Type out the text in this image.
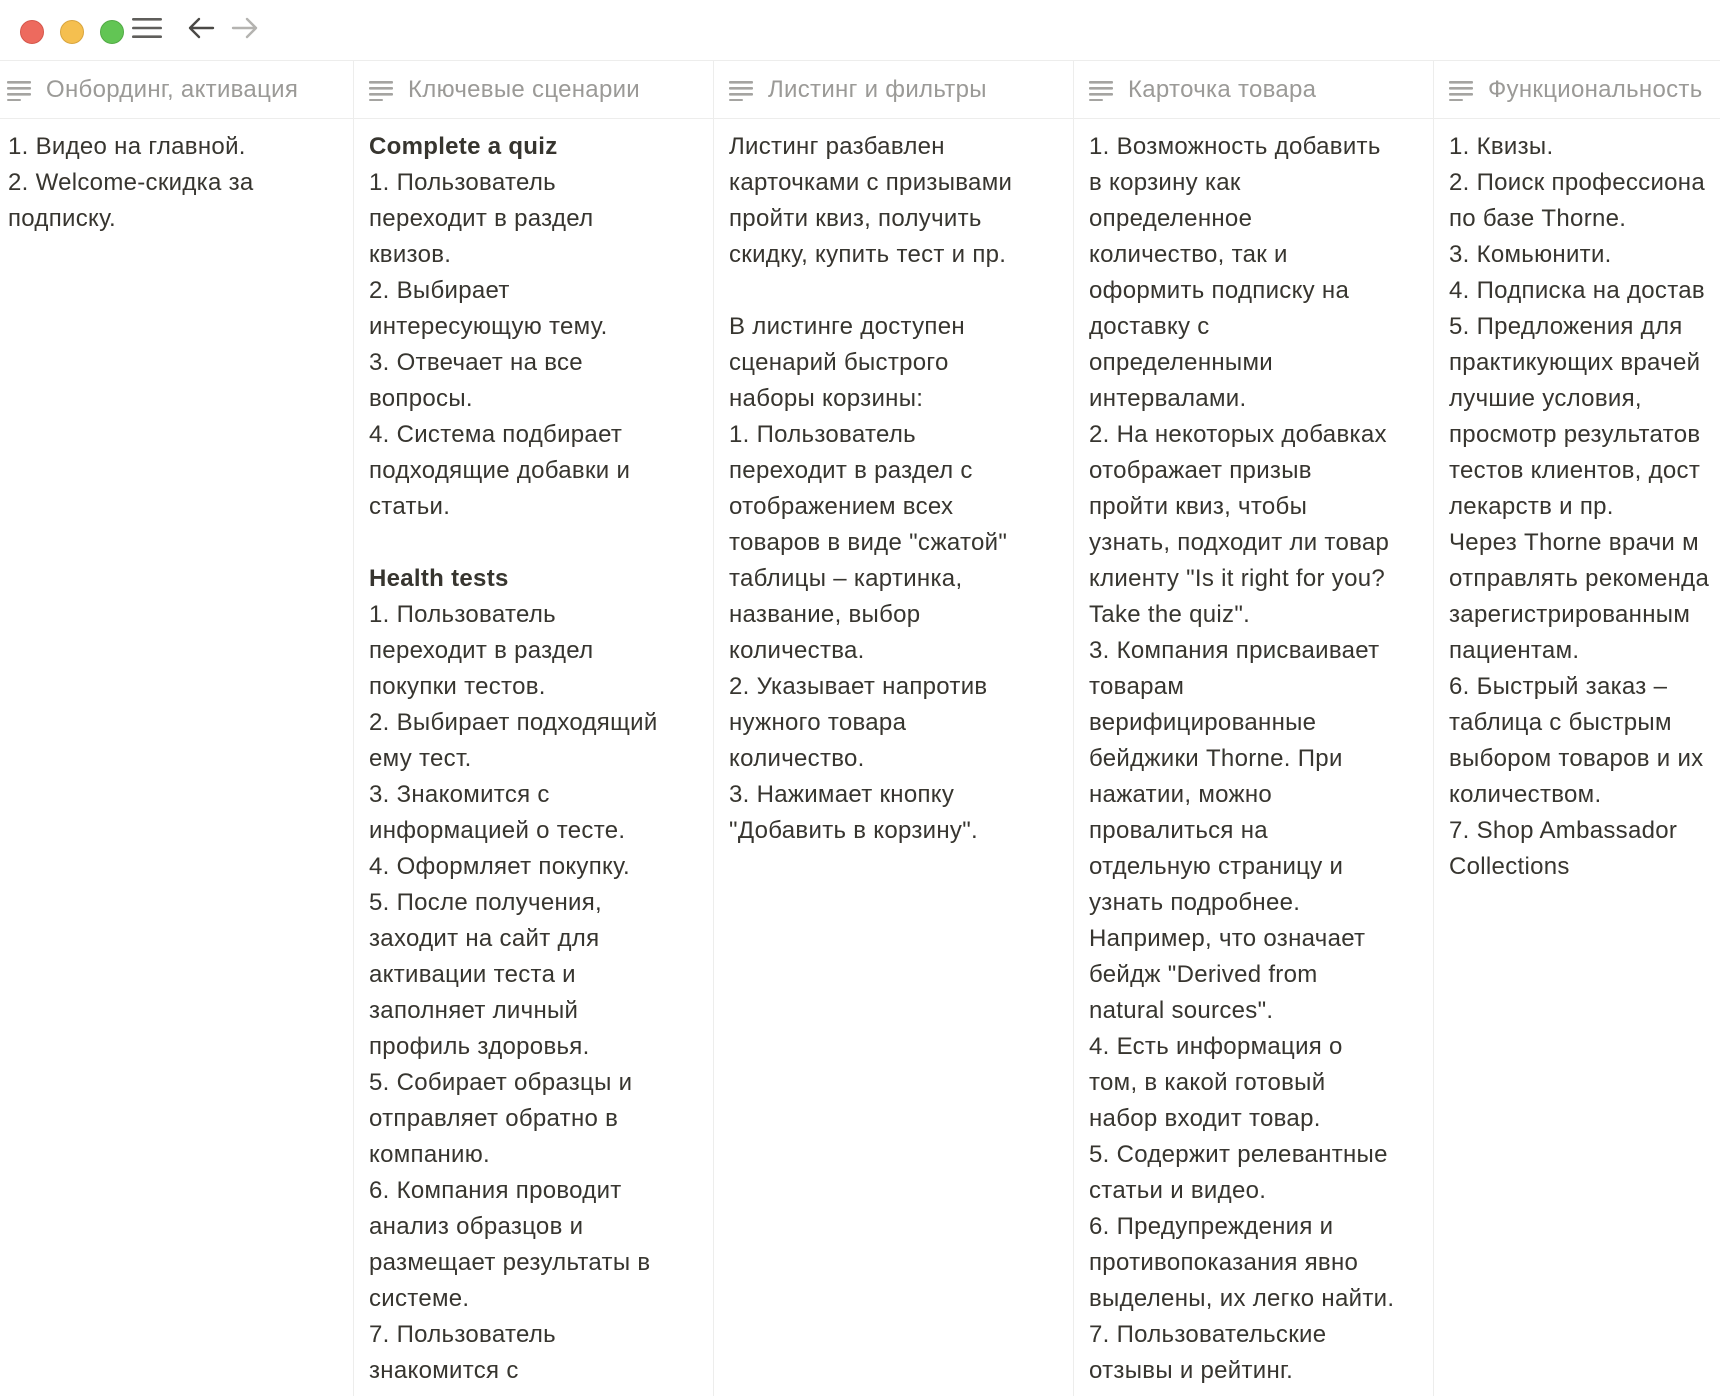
Онбординг, активация
1. Видео на главной.
2. Welcome-скидка за
подписку.
Ключевые сценарии
Complete a quiz
1. Пользователь
переходит в раздел
квизов.
2. Выбирает
интересующую тему.
3. Отвечает на все
вопросы.
4. Система подбирает
подходящие добавки и
статьи.
Health tests
1. Пользователь
переходит в раздел
покупки тестов.
2. Выбирает подходящий
ему тест.
3. Знакомится с
информацией о тесте.
4. Оформляет покупку.
5. После получения,
заходит на сайт для
активации теста и
заполняет личный
профиль здоровья.
5. Собирает образцы и
отправляет обратно в
компанию.
6. Компания проводит
анализ образцов и
размещает результаты в
системе.
7. Пользователь
знакомится с
Листинг и фильтры
Листинг разбавлен
карточками с призывами
пройти квиз, получить
скидку, купить тест и пр.
В листинге доступен
сценарий быстрого
наборы корзины:
1. Пользователь
переходит в раздел с
отображением всех
товаров в виде "сжатой"
таблицы – картинка,
название, выбор
количества.
2. Указывает напротив
нужного товара
количество.
3. Нажимает кнопку
"Добавить в корзину".
Карточка товара
1. Возможность добавить
в корзину как
определенное
количество, так и
оформить подписку на
доставку с
определенными
интервалами.
2. На некоторых добавках
отображает призыв
пройти квиз, чтобы
узнать, подходит ли товар
клиенту "Is it right for you?
Take the quiz".
3. Компания присваивает
товарам
верифицированные
бейджики Thorne. При
нажатии, можно
провалиться на
отдельную страницу и
узнать подробнее.
Например, что означает
бейдж "Derived from
natural sources".
4. Есть информация о
том, в какой готовый
набор входит товар.
5. Содержит релевантные
статьи и видео.
6. Предупреждения и
противопоказания явно
выделены, их легко найти.
7. Пользовательские
отзывы и рейтинг.
Функциональность
1. Квизы.
2. Поиск профессиона
по базе Thorne.
3. Комьюнити.
4. Подписка на достав
5. Предложения для
практикующих врачей
лучшие условия,
просмотр результатов
тестов клиентов, дост
лекарств и пр.
Через Thorne врачи м
отправлять рекоменда
зарегистрированным
пациентам.
6. Быстрый заказ –
таблица с быстрым
выбором товаров и их
количеством.
7. Shop Ambassador
Collections
